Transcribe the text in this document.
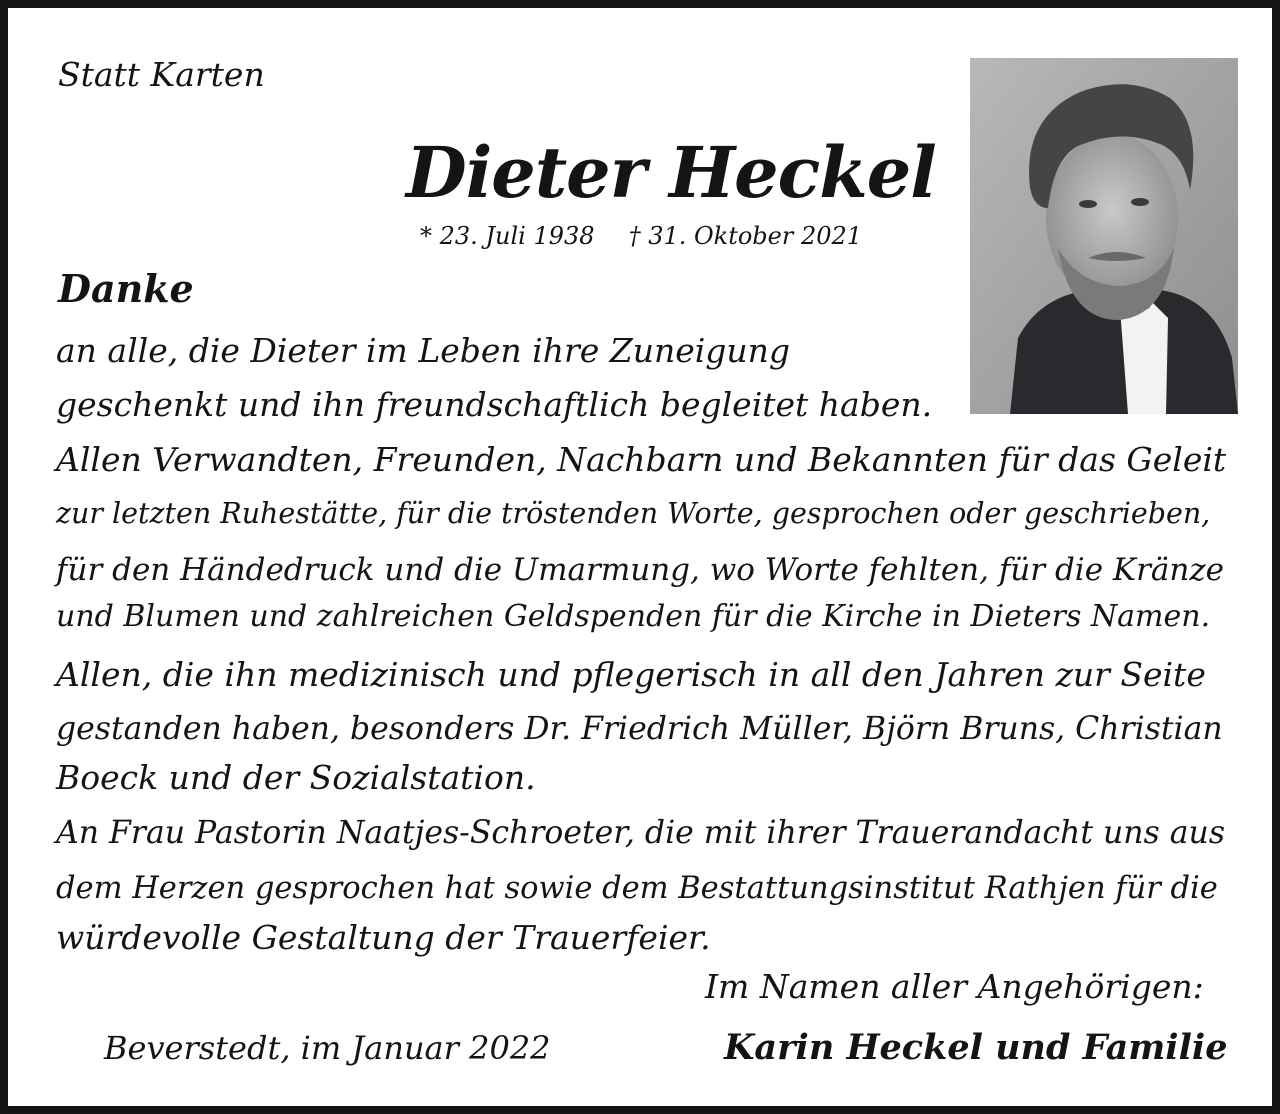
Statt Karten
Dieter Heckel
* 23. Juli 1938 † 31. Oktober 2021
Danke
an alle, die Dieter im Leben ihre Zuneigung
geschenkt und ihn freundschaftlich begleitet haben.
Allen Verwandten, Freunden, Nachbarn und Bekannten für das Geleit
zur letzten Ruhestätte, für die tröstenden Worte, gesprochen oder geschrieben,
für den Händedruck und die Umarmung, wo Worte fehlten, für die Kränze
und Blumen und zahlreichen Geldspenden für die Kirche in Dieters Namen.
Allen, die ihn medizinisch und pflegerisch in all den Jahren zur Seite
gestanden haben, besonders Dr. Friedrich Müller, Björn Bruns, Christian
Boeck und der Sozialstation.
An Frau Pastorin Naatjes-Schroeter, die mit ihrer Trauerandacht uns aus
dem Herzen gesprochen hat sowie dem Bestattungsinstitut Rathjen für die
würdevolle Gestaltung der Trauerfeier.
Im Namen aller Angehörigen:
Beverstedt, im Januar 2022	Karin Heckel und Familie
